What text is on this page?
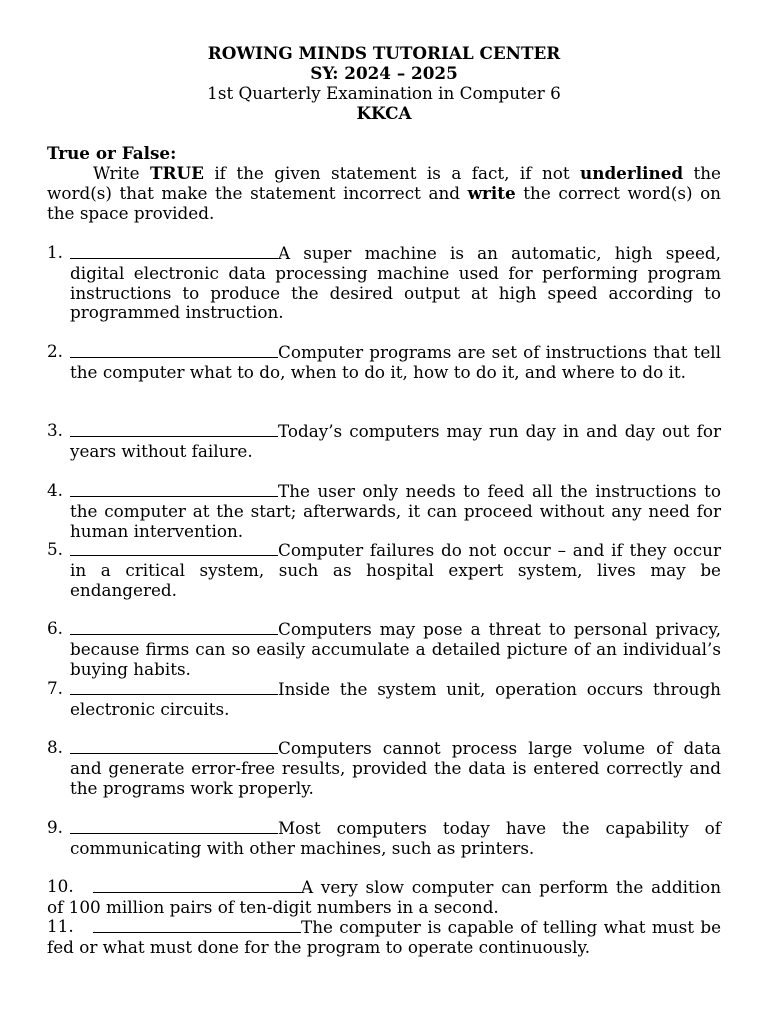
ROWING MINDS TUTORIAL CENTER
SY: 2024 – 2025
1st Quarterly Examination in Computer 6
KKCA
True or False:
Write TRUE if the given statement is a fact, if not underlined the word(s) that make the statement incorrect and write the correct word(s) on the space provided.
1.	A super machine is an automatic, high speed, digital electronic data processing machine used for performing program instructions to produce the desired output at high speed according to programmed instruction.
2.	Computer programs are set of instructions that tell the computer what to do, when to do it, how to do it, and where to do it.
3.	Today’s computers may run day in and day out for years without failure.
4.	The user only needs to feed all the instructions to the computer at the start; afterwards, it can proceed without any need for human intervention.
5.	Computer failures do not occur – and if they occur in a critical system, such as hospital expert system, lives may be endangered.
6.	Computers may pose a threat to personal privacy, because firms can so easily accumulate a detailed picture of an individual’s buying habits.
7.	Inside the system unit, operation occurs through electronic circuits.
8.	Computers cannot process large volume of data and generate error-free results, provided the data is entered correctly and the programs work properly.
9.	Most computers today have the capability of communicating with other machines, such as printers.
10.	A very slow computer can perform the addition of 100 million pairs of ten-digit numbers in a second.
11.	The computer is capable of telling what must be fed or what must done for the program to operate continuously.
